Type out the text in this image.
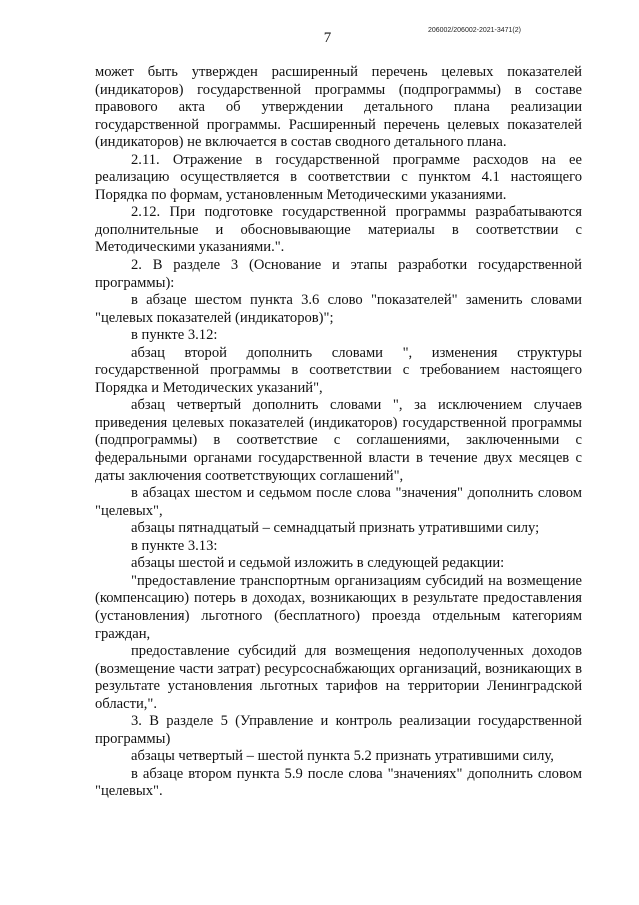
206002/206002-2021-3471(2)
7

может быть утвержден расширенный перечень целевых показателей (индикаторов) государственной программы (подпрограммы) в составе правового акта об утверждении детального плана реализации государственной программы. Расширенный перечень целевых показателей (индикаторов) не включается в состав сводного детального плана.

2.11. Отражение в государственной программе расходов на ее реализацию осуществляется в соответствии с пунктом 4.1 настоящего Порядка по формам, установленным Методическими указаниями.

2.12. При подготовке государственной программы разрабатываются дополнительные и обосновывающие материалы в соответствии с Методическими указаниями.".

2. В разделе 3 (Основание и этапы разработки государственной программы):

в абзаце шестом пункта 3.6 слово "показателей" заменить словами "целевых показателей (индикаторов)";

в пункте 3.12:

абзац второй дополнить словами ", изменения структуры государственной программы в соответствии с требованием настоящего Порядка и Методических указаний",

абзац четвертый дополнить словами ", за исключением случаев приведения целевых показателей (индикаторов) государственной программы (подпрограммы) в соответствие с соглашениями, заключенными с федеральными органами государственной власти в течение двух месяцев с даты заключения соответствующих соглашений",

в абзацах шестом и седьмом после слова "значения" дополнить словом "целевых",

абзацы пятнадцатый – семнадцатый признать утратившими силу;

в пункте 3.13:

абзацы шестой и седьмой изложить в следующей редакции:

"предоставление транспортным организациям субсидий на возмещение (компенсацию) потерь в доходах, возникающих в результате предоставления (установления) льготного (бесплатного) проезда отдельным категориям граждан,

предоставление субсидий для возмещения недополученных доходов (возмещение части затрат) ресурсоснабжающих организаций, возникающих в результате установления льготных тарифов на территории Ленинградской области,".

3. В разделе 5 (Управление и контроль реализации государственной программы)

абзацы четвертый – шестой пункта 5.2 признать утратившими силу,

в абзаце втором пункта 5.9 после слова "значениях" дополнить словом "целевых".
